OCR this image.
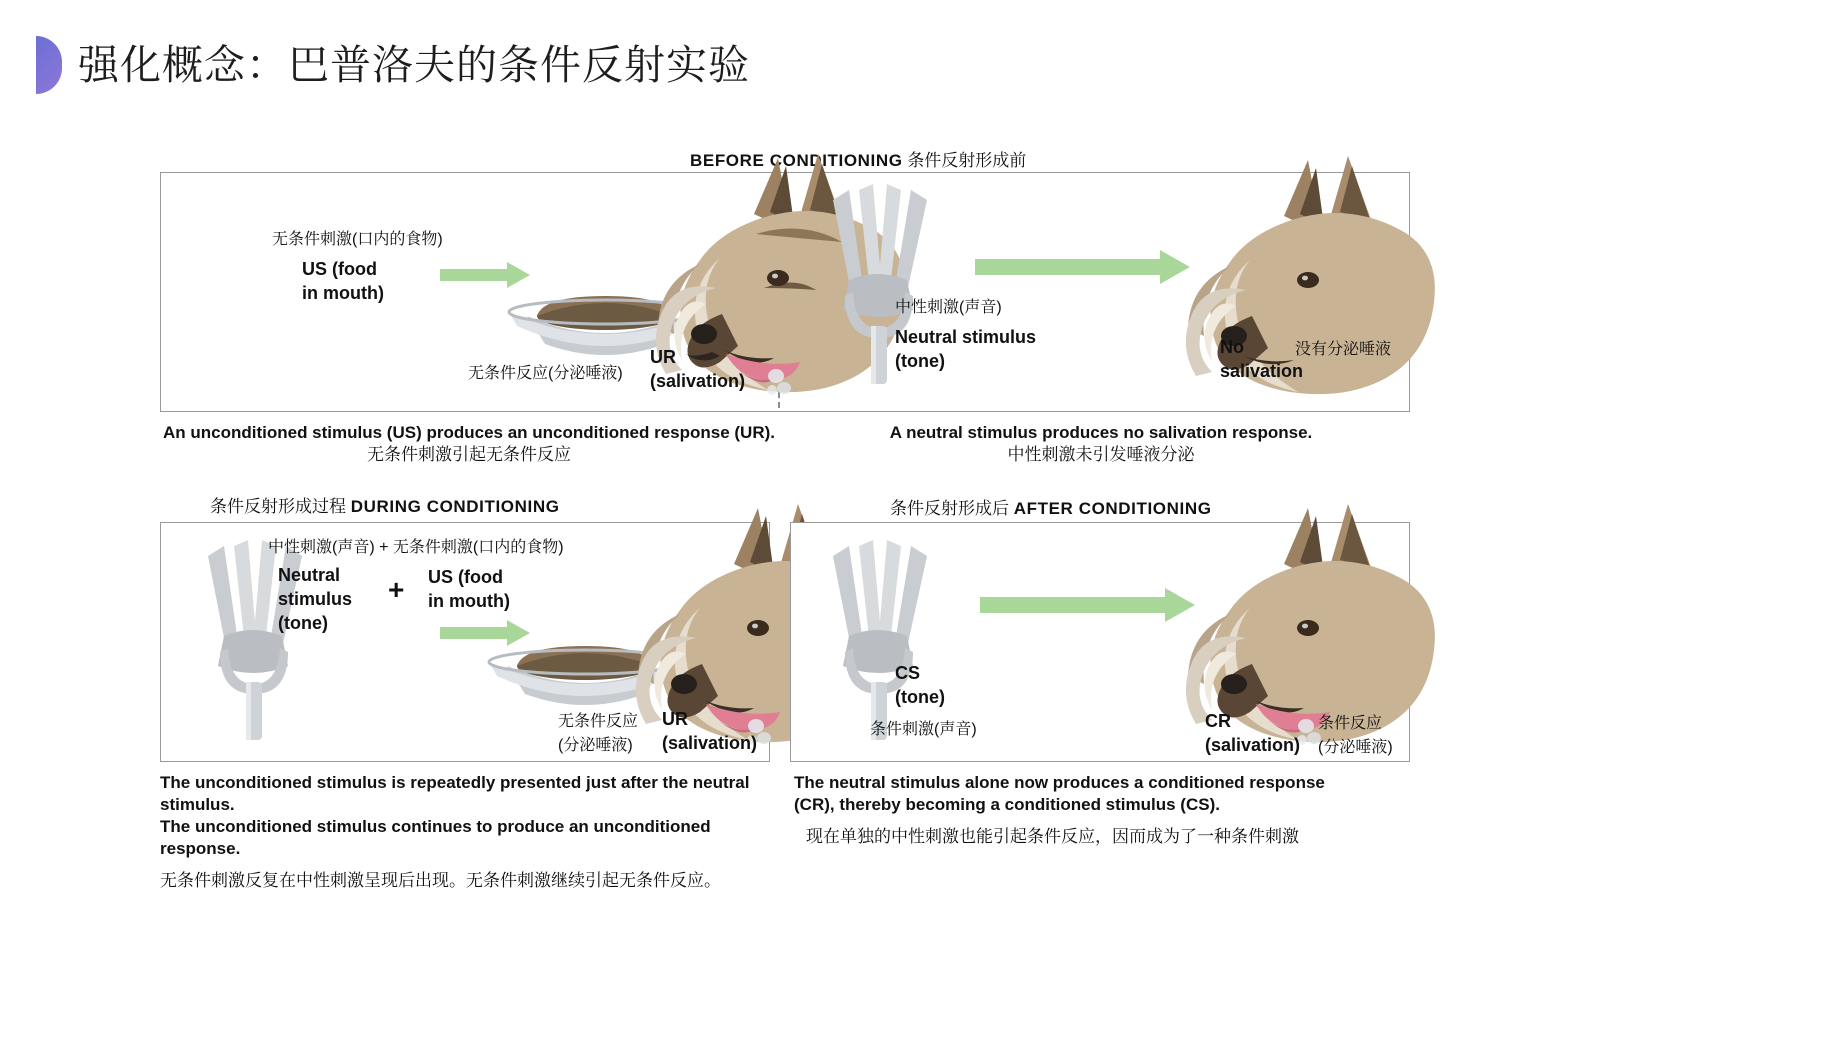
强化概念：巴普洛夫的条件反射实验
BEFORE CONDITIONING 条件反射形成前
无条件刺激(口内的食物)
US (food
in mouth)
无条件反应(分泌唾液)
UR
(salivation)
中性刺激(声音)
Neutral stimulus
(tone)
No
salivation
没有分泌唾液
An unconditioned stimulus (US) produces an unconditioned response (UR).
无条件刺激引起无条件反应
A neutral stimulus produces no salivation response.
中性刺激未引发唾液分泌
条件反射形成过程 DURING CONDITIONING	条件反射形成后 AFTER CONDITIONING
中性刺激(声音) + 无条件刺激(口内的食物)
Neutral
stimulus
(tone)
+ US (food
in mouth)
无条件反应
(分泌唾液)
UR
(salivation)
CS
(tone)
条件刺激(声音)	CR
(salivation)
条件反应
(分泌唾液)
The unconditioned stimulus is repeatedly presented just after the neutral stimulus.
The unconditioned stimulus continues to produce an unconditioned response.
无条件刺激反复在中性刺激呈现后出现。无条件刺激继续引起无条件反应。
The neutral stimulus alone now produces a conditioned response
(CR), thereby becoming a conditioned stimulus (CS).
现在单独的中性刺激也能引起条件反应，因而成为了一种条件刺激
